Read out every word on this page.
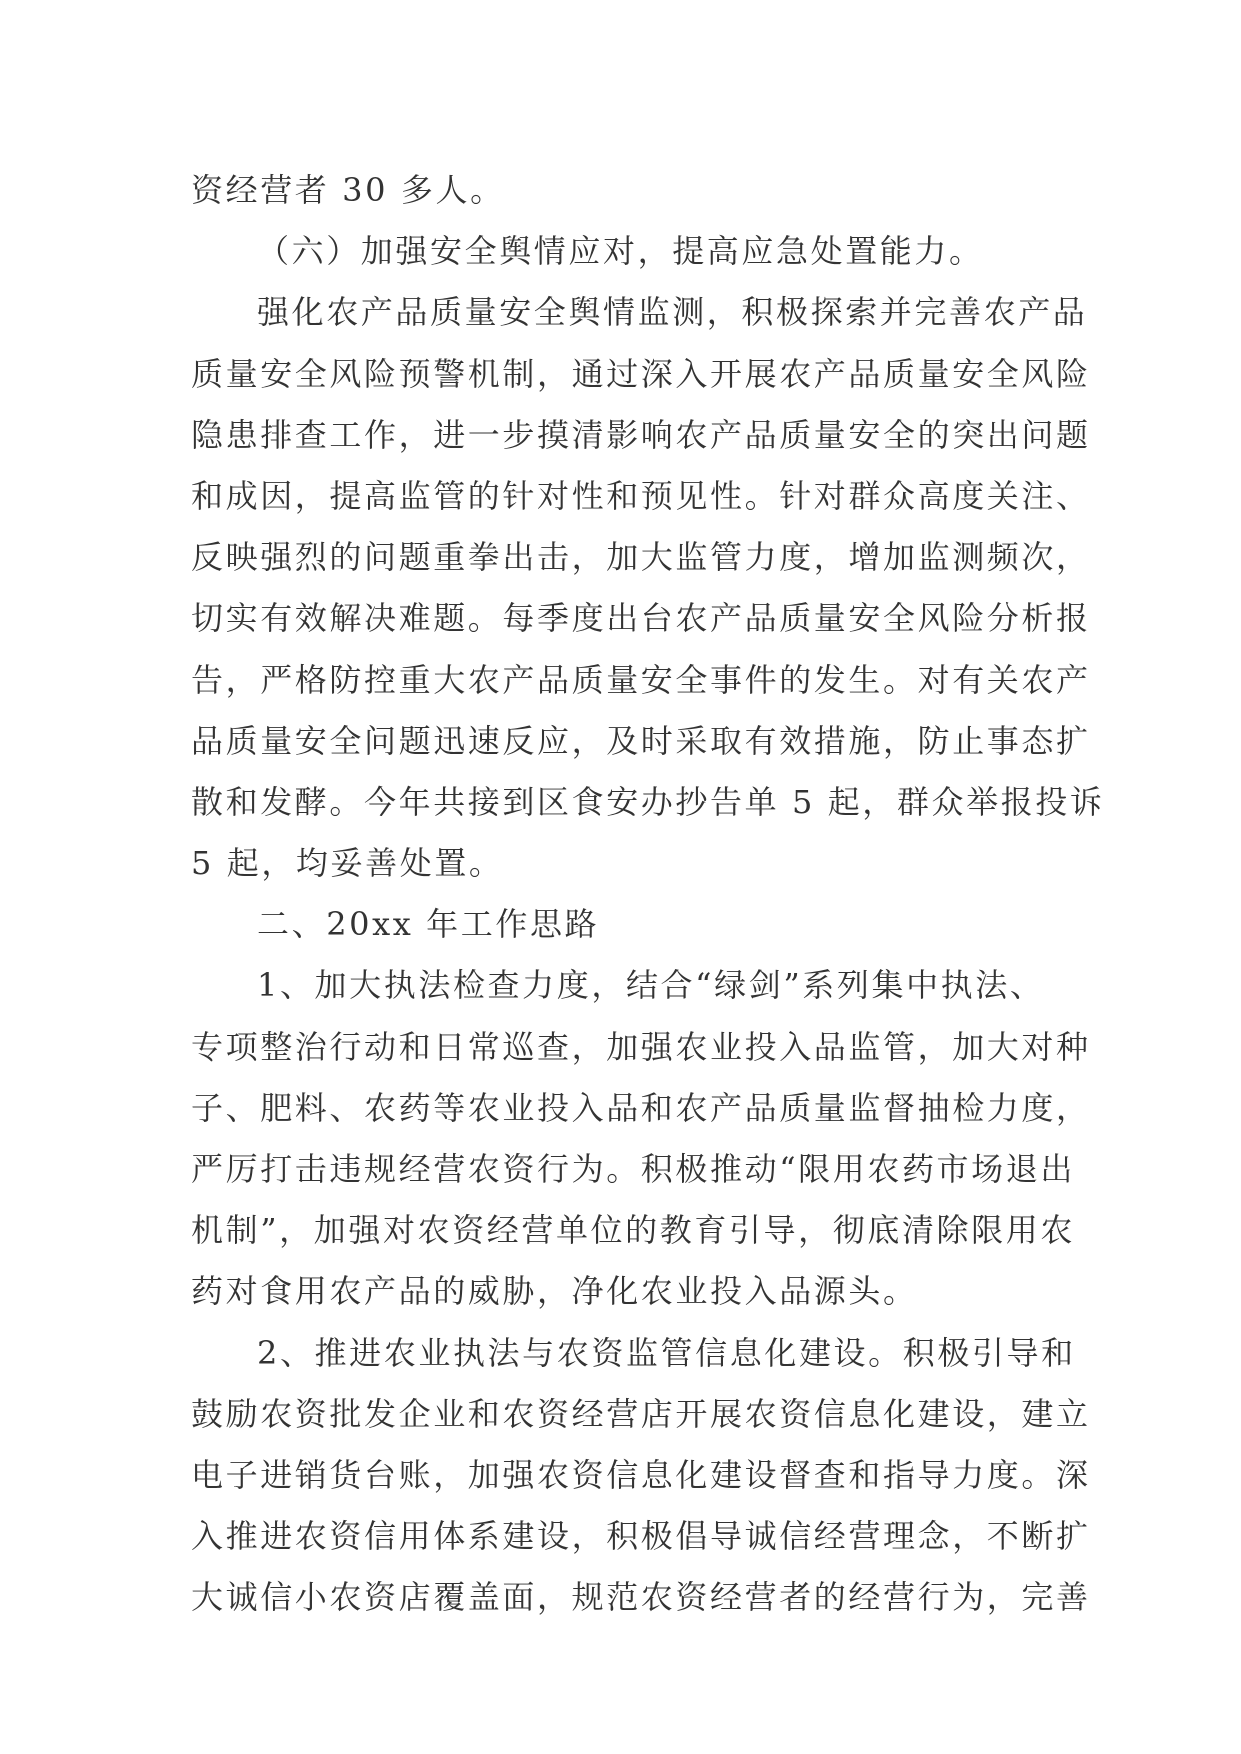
资经营者 30 多人。
（六）加强安全舆情应对，提高应急处置能力。
强化农产品质量安全舆情监测，积极探索并完善农产品
质量安全风险预警机制，通过深入开展农产品质量安全风险
隐患排查工作，进一步摸清影响农产品质量安全的突出问题
和成因，提高监管的针对性和预见性。针对群众高度关注、
反映强烈的问题重拳出击，加大监管力度，增加监测频次，
切实有效解决难题。每季度出台农产品质量安全风险分析报
告，严格防控重大农产品质量安全事件的发生。对有关农产
品质量安全问题迅速反应，及时采取有效措施，防止事态扩
散和发酵。今年共接到区食安办抄告单 5 起，群众举报投诉
5 起，均妥善处置。
二、20xx 年工作思路
1、加大执法检查力度，结合“绿剑”系列集中执法、
专项整治行动和日常巡查，加强农业投入品监管，加大对种
子、肥料、农药等农业投入品和农产品质量监督抽检力度，
严厉打击违规经营农资行为。积极推动“限用农药市场退出
机制”，加强对农资经营单位的教育引导，彻底清除限用农
药对食用农产品的威胁，净化农业投入品源头。
2、推进农业执法与农资监管信息化建设。积极引导和
鼓励农资批发企业和农资经营店开展农资信息化建设，建立
电子进销货台账，加强农资信息化建设督查和指导力度。深
入推进农资信用体系建设，积极倡导诚信经营理念，不断扩
大诚信小农资店覆盖面，规范农资经营者的经营行为，完善
